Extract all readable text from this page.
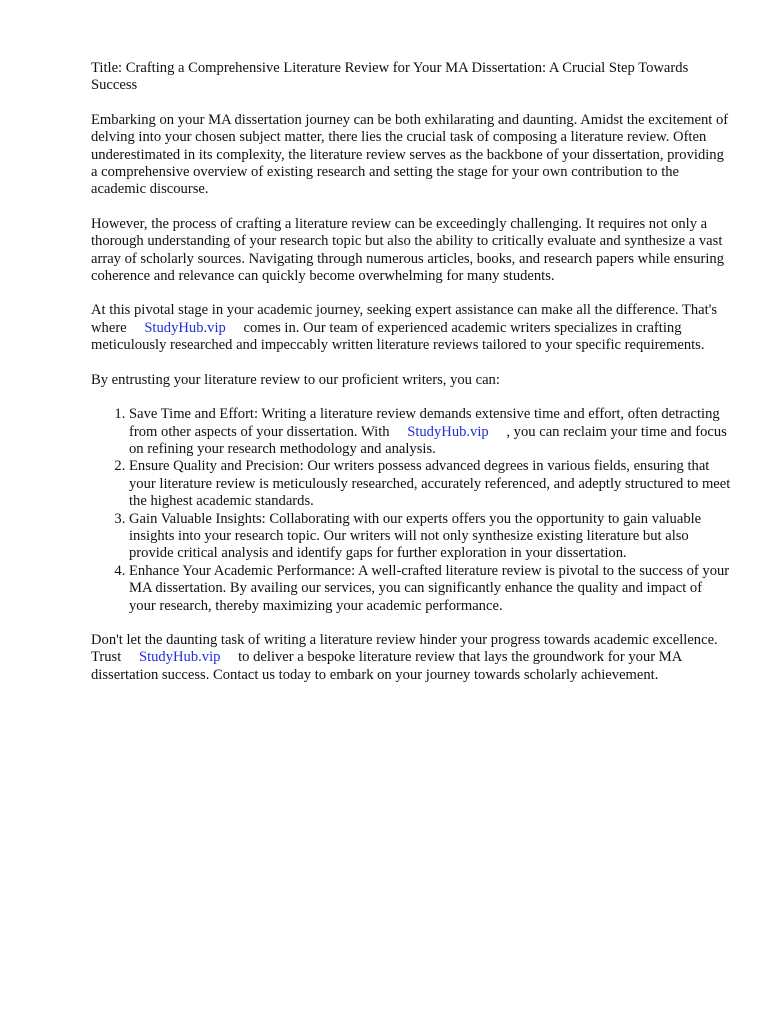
Title: Crafting a Comprehensive Literature Review for Your MA Dissertation: A Crucial Step Towards Success

Embarking on your MA dissertation journey can be both exhilarating and daunting. Amidst the excitement of delving into your chosen subject matter, there lies the crucial task of composing a literature review. Often underestimated in its complexity, the literature review serves as the backbone of your dissertation, providing a comprehensive overview of existing research and setting the stage for your own contribution to the academic discourse.

However, the process of crafting a literature review can be exceedingly challenging. It requires not only a thorough understanding of your research topic but also the ability to critically evaluate and synthesize a vast array of scholarly sources. Navigating through numerous articles, books, and research papers while ensuring coherence and relevance can quickly become overwhelming for many students.

At this pivotal stage in your academic journey, seeking expert assistance can make all the difference. That's where StudyHub.vip comes in. Our team of experienced academic writers specializes in crafting meticulously researched and impeccably written literature reviews tailored to your specific requirements.

By entrusting your literature review to our proficient writers, you can:

1. Save Time and Effort: Writing a literature review demands extensive time and effort, often detracting from other aspects of your dissertation. With StudyHub.vip , you can reclaim your time and focus on refining your research methodology and analysis.
2. Ensure Quality and Precision: Our writers possess advanced degrees in various fields, ensuring that your literature review is meticulously researched, accurately referenced, and adeptly structured to meet the highest academic standards.
3. Gain Valuable Insights: Collaborating with our experts offers you the opportunity to gain valuable insights into your research topic. Our writers will not only synthesize existing literature but also provide critical analysis and identify gaps for further exploration in your dissertation.
4. Enhance Your Academic Performance: A well-crafted literature review is pivotal to the success of your MA dissertation. By availing our services, you can significantly enhance the quality and impact of your research, thereby maximizing your academic performance.

Don't let the daunting task of writing a literature review hinder your progress towards academic excellence. Trust StudyHub.vip to deliver a bespoke literature review that lays the groundwork for your MA dissertation success. Contact us today to embark on your journey towards scholarly achievement.
